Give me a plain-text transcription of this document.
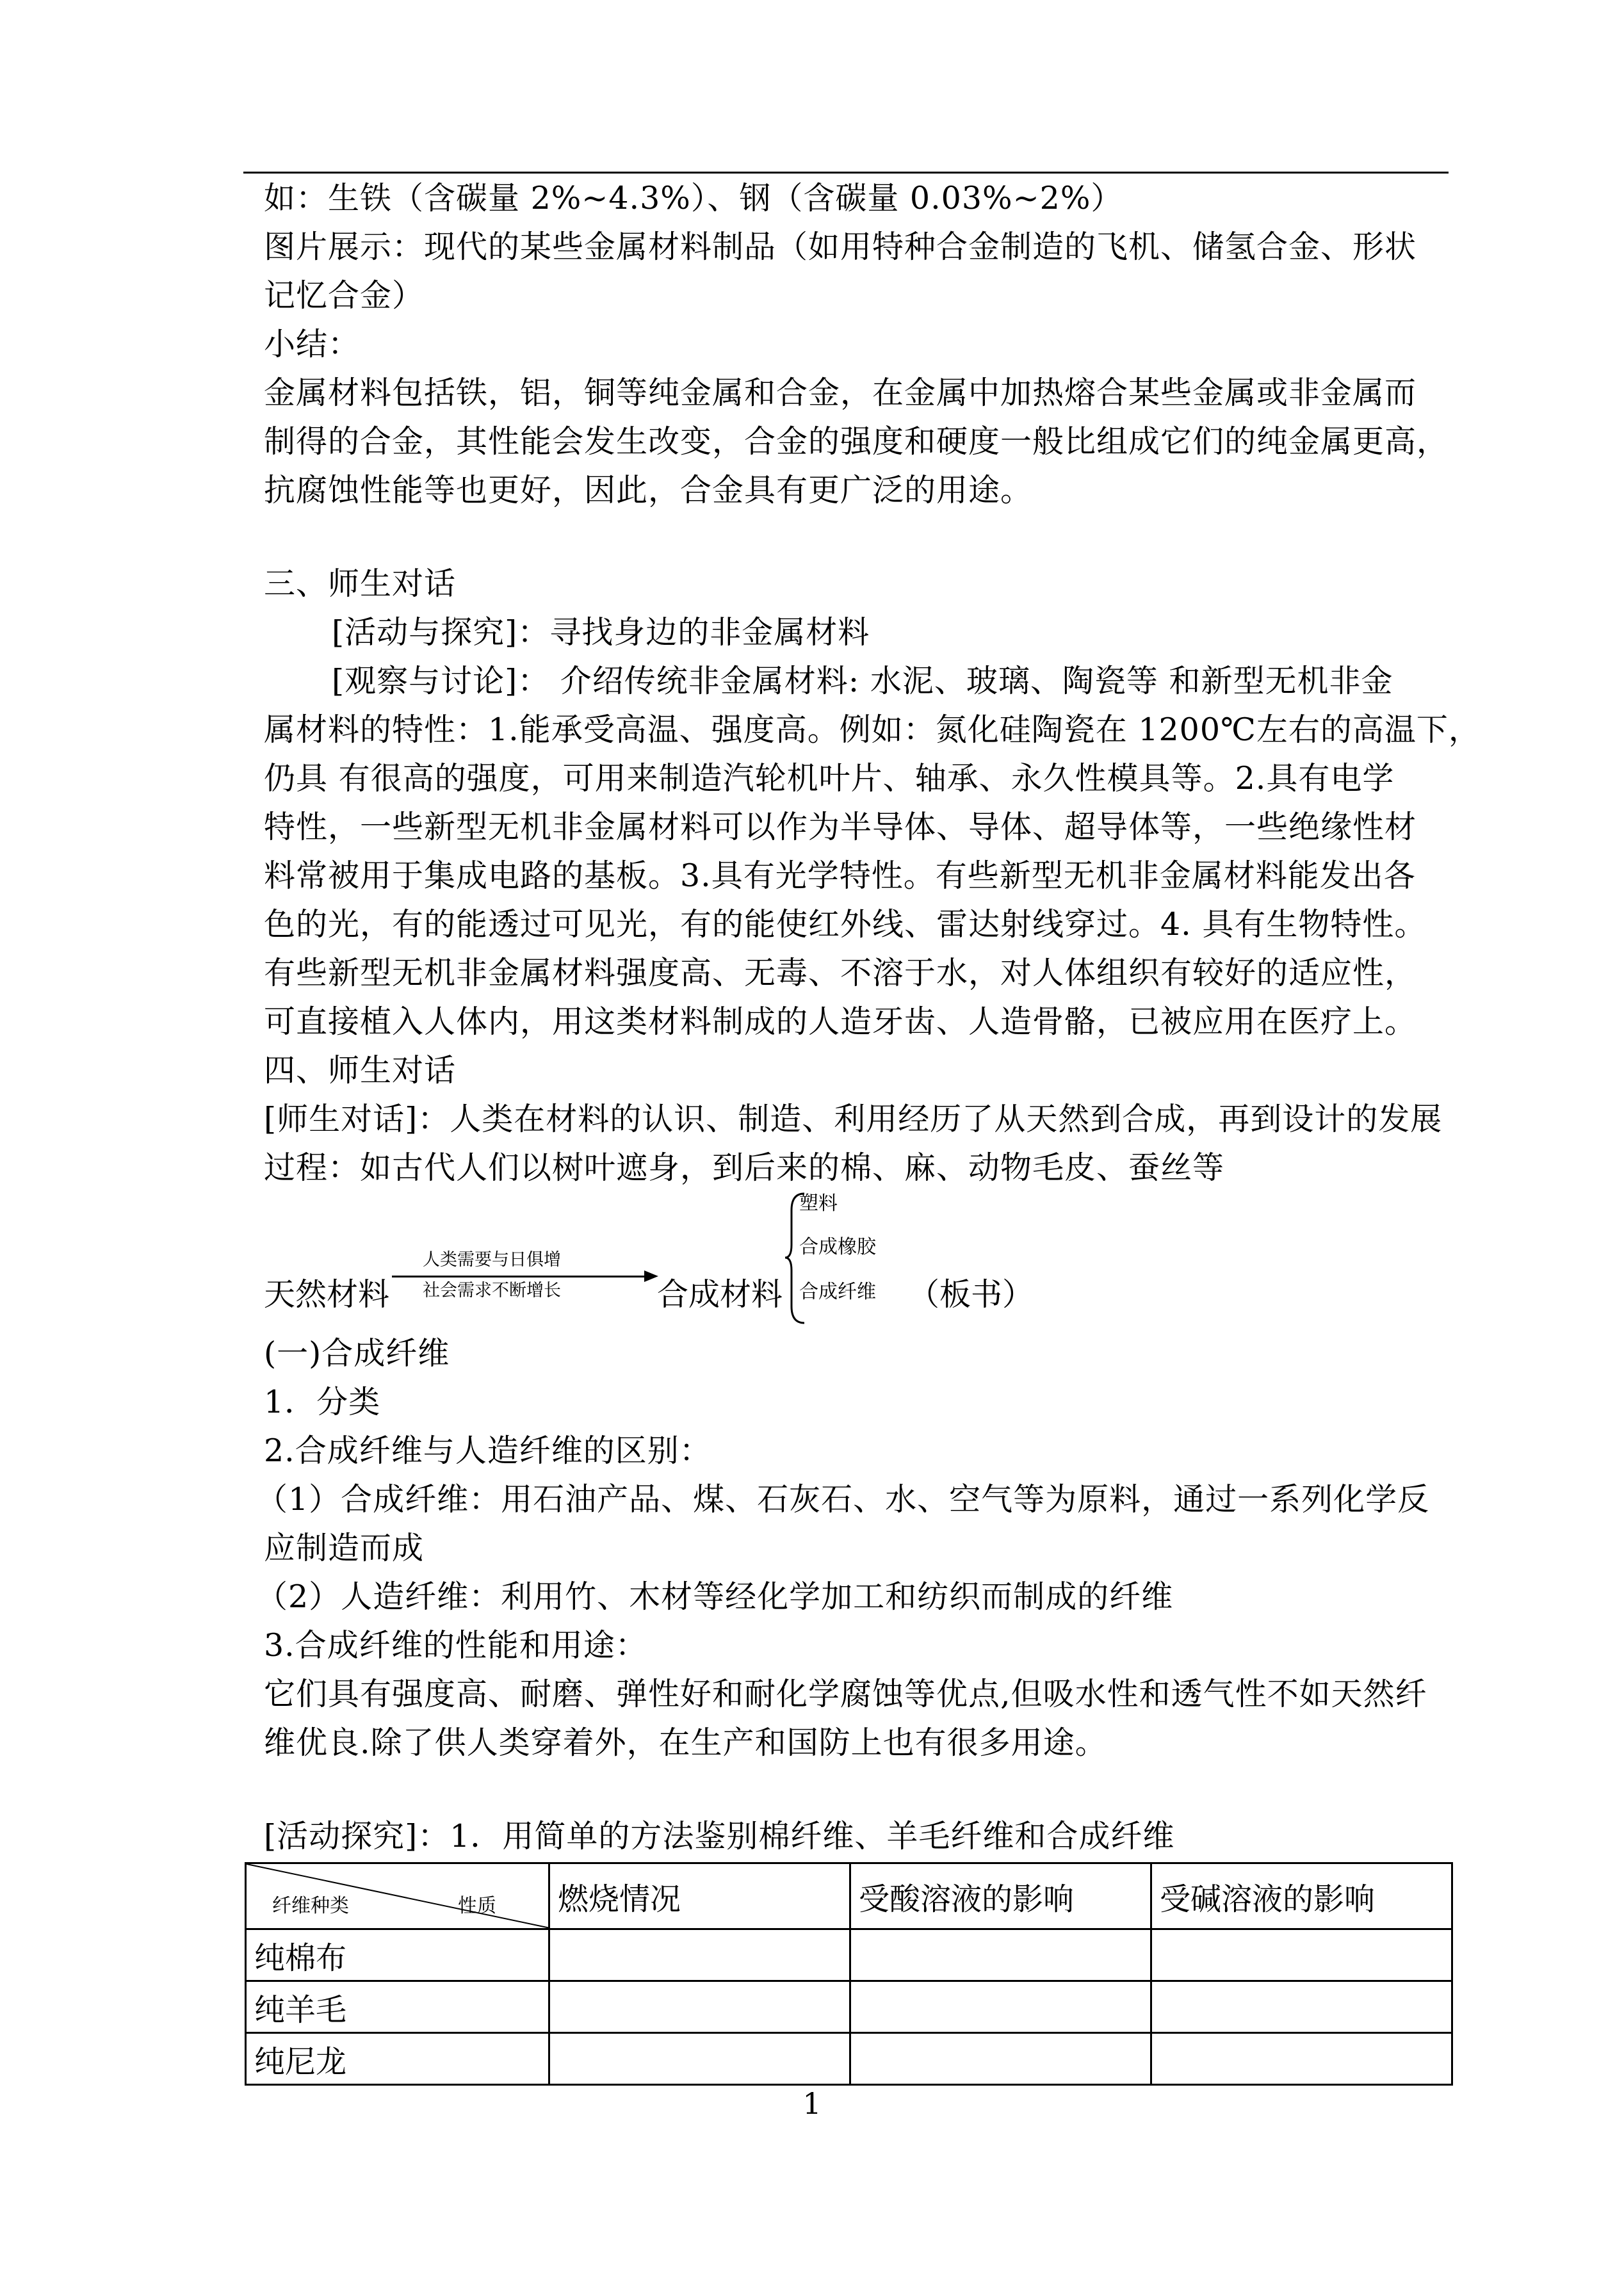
如：生铁（含碳量 2%~4.3%）、钢（含碳量 0.03%~2%）
图片展示：现代的某些金属材料制品（如用特种合金制造的飞机、储氢合金、形状
记忆合金）
小结：
金属材料包括铁，铝，铜等纯金属和合金，在金属中加热熔合某些金属或非金属而
制得的合金，其性能会发生改变，合金的强度和硬度一般比组成它们的纯金属更高，
抗腐蚀性能等也更好，因此，合金具有更广泛的用途。
三、师生对话
[活动与探究]：寻找身边的非金属材料
[观察与讨论]： 介绍传统非金属材料: 水泥、玻璃、陶瓷等 和新型无机非金
属材料的特性：1.能承受高温、强度高。例如：氮化硅陶瓷在 1200℃左右的高温下，
仍具 有很高的强度，可用来制造汽轮机叶片、轴承、永久性模具等。2.具有电学
特性，一些新型无机非金属材料可以作为半导体、导体、超导体等，一些绝缘性材
料常被用于集成电路的基板。3.具有光学特性。有些新型无机非金属材料能发出各
色的光，有的能透过可见光，有的能使红外线、雷达射线穿过。4. 具有生物特性。
有些新型无机非金属材料强度高、无毒、不溶于水，对人体组织有较好的适应性，
可直接植入人体内，用这类材料制成的人造牙齿、人造骨骼，已被应用在医疗上。
四、师生对话
[师生对话]：人类在材料的认识、制造、利用经历了从天然到合成，再到设计的发展
过程：如古代人们以树叶遮身，到后来的棉、麻、动物毛皮、蚕丝等
天然材料
人类需要与日俱增
社会需求不断增长	合成材料
塑料
合成橡胶
合成纤维 （板书）
(一)合成纤维
1．分类
2.合成纤维与人造纤维的区别：
（1）合成纤维：用石油产品、煤、石灰石、水、空气等为原料，通过一系列化学反
应制造而成
（2）人造纤维：利用竹、木材等经化学加工和纺织而制成的纤维
3.合成纤维的性能和用途：
它们具有强度高、耐磨、弹性好和耐化学腐蚀等优点,但吸水性和透气性不如天然纤
维优良.除了供人类穿着外，在生产和国防上也有很多用途。
[活动探究]：1．用简单的方法鉴别棉纤维、羊毛纤维和合成纤维
纤维种类 性质	燃烧情况	受酸溶液的影响	受碱溶液的影响
纯棉布			
纯羊毛			
纯尼龙			
1
